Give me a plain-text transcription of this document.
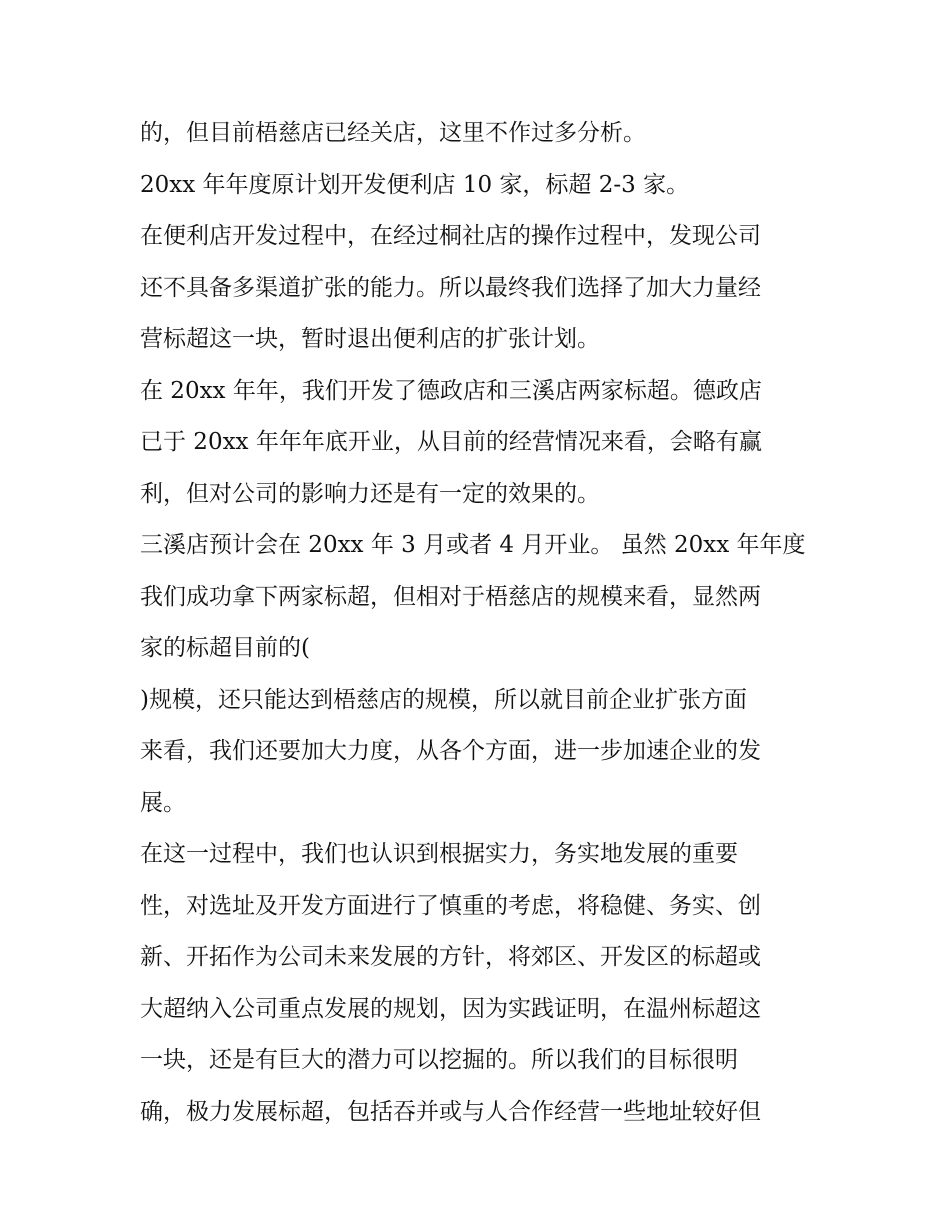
的，但目前梧慈店已经关店，这里不作过多分析。
20xx 年年度原计划开发便利店 10 家，标超 2-3 家。
在便利店开发过程中，在经过桐社店的操作过程中，发现公司
还不具备多渠道扩张的能力。所以最终我们选择了加大力量经
营标超这一块，暂时退出便利店的扩张计划。
在 20xx 年年，我们开发了德政店和三溪店两家标超。德政店
已于 20xx 年年年底开业，从目前的经营情况来看，会略有赢
利，但对公司的影响力还是有一定的效果的。
三溪店预计会在 20xx 年 3 月或者 4 月开业。 虽然 20xx 年年度
我们成功拿下两家标超，但相对于梧慈店的规模来看，显然两
家的标超目前的(
)规模，还只能达到梧慈店的规模，所以就目前企业扩张方面
来看，我们还要加大力度，从各个方面，进一步加速企业的发
展。
在这一过程中，我们也认识到根据实力，务实地发展的重要
性，对选址及开发方面进行了慎重的考虑，将稳健、务实、创
新、开拓作为公司未来发展的方针，将郊区、开发区的标超或
大超纳入公司重点发展的规划，因为实践证明，在温州标超这
一块，还是有巨大的潜力可以挖掘的。所以我们的目标很明
确，极力发展标超，包括吞并或与人合作经营一些地址较好但
